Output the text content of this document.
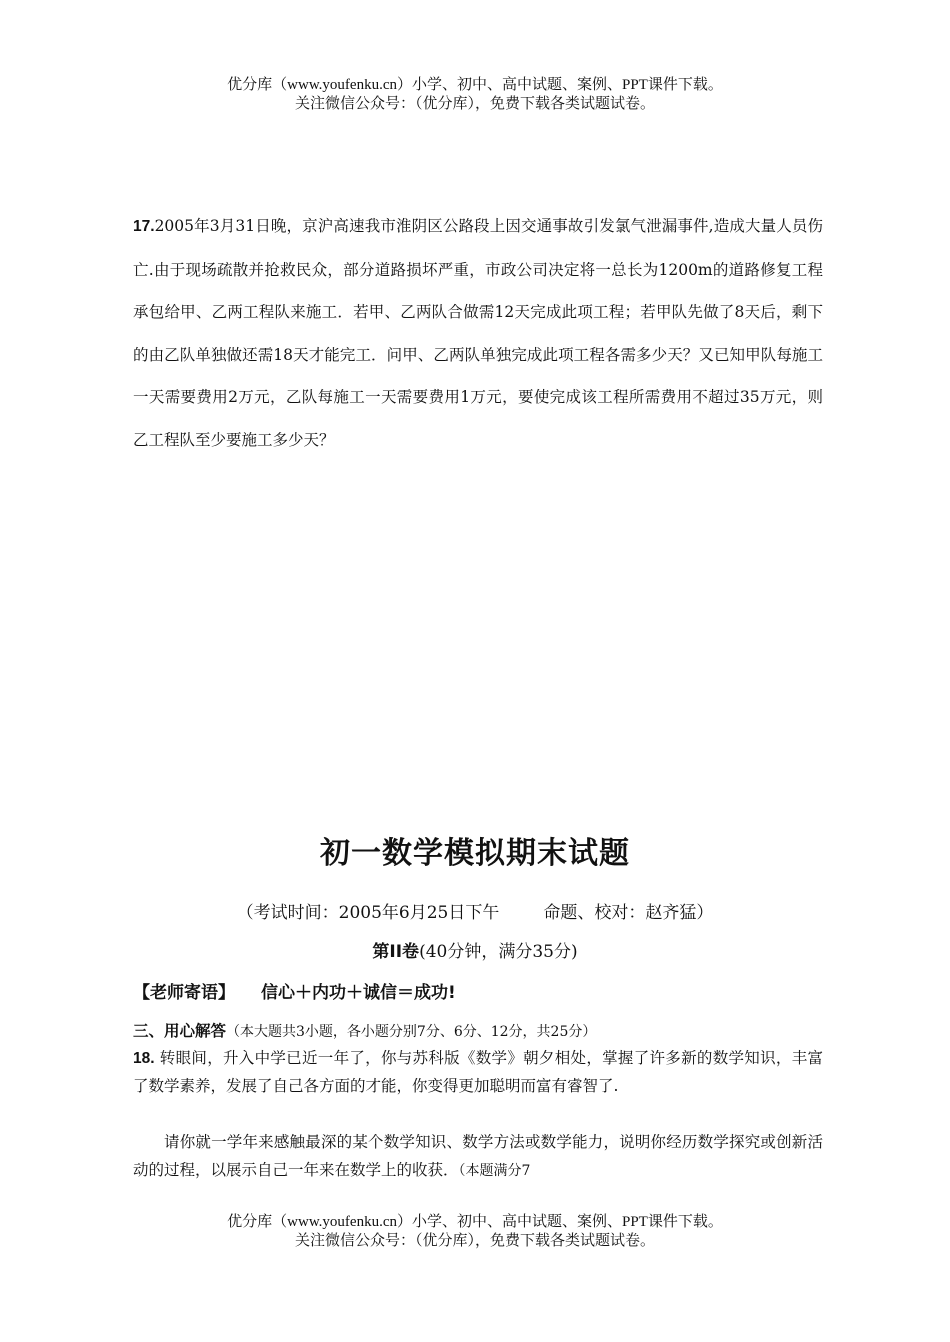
优分库（www.youfenku.cn）小学、初中、高中试题、案例、PPT课件下载。
关注微信公众号：（优分库），免费下载各类试题试卷。
17.2005年3月31日晚，京沪高速我市淮阴区公路段上因交通事故引发氯气泄漏事件,造成大量人员伤亡.由于现场疏散并抢救民众，部分道路损坏严重，市政公司决定将一总长为1200m的道路修复工程承包给甲、乙两工程队来施工．若甲、乙两队合做需12天完成此项工程；若甲队先做了8天后，剩下的由乙队单独做还需18天才能完工．问甲、乙两队单独完成此项工程各需多少天？又已知甲队每施工一天需要费用2万元，乙队每施工一天需要费用1万元，要使完成该工程所需费用不超过35万元，则乙工程队至少要施工多少天？
初一数学模拟期末试题
（考试时间：2005年6月25日下午	命题、校对：赵齐猛）
第II卷(40分钟，满分35分)
【老师寄语】 信心＋内功＋诚信＝成功!
三、用心解答（本大题共3小题，各小题分别7分、6分、12分，共25分）
18. 转眼间，升入中学已近一年了，你与苏科版《数学》朝夕相处，掌握了许多新的数学知识，丰富了数学素养，发展了自己各方面的才能，你变得更加聪明而富有睿智了.
请你就一学年来感触最深的某个数学知识、数学方法或数学能力，说明你经历数学探究或创新活动的过程，以展示自己一年来在数学上的收获．（本题满分7
优分库（www.youfenku.cn）小学、初中、高中试题、案例、PPT课件下载。
关注微信公众号：（优分库），免费下载各类试题试卷。
